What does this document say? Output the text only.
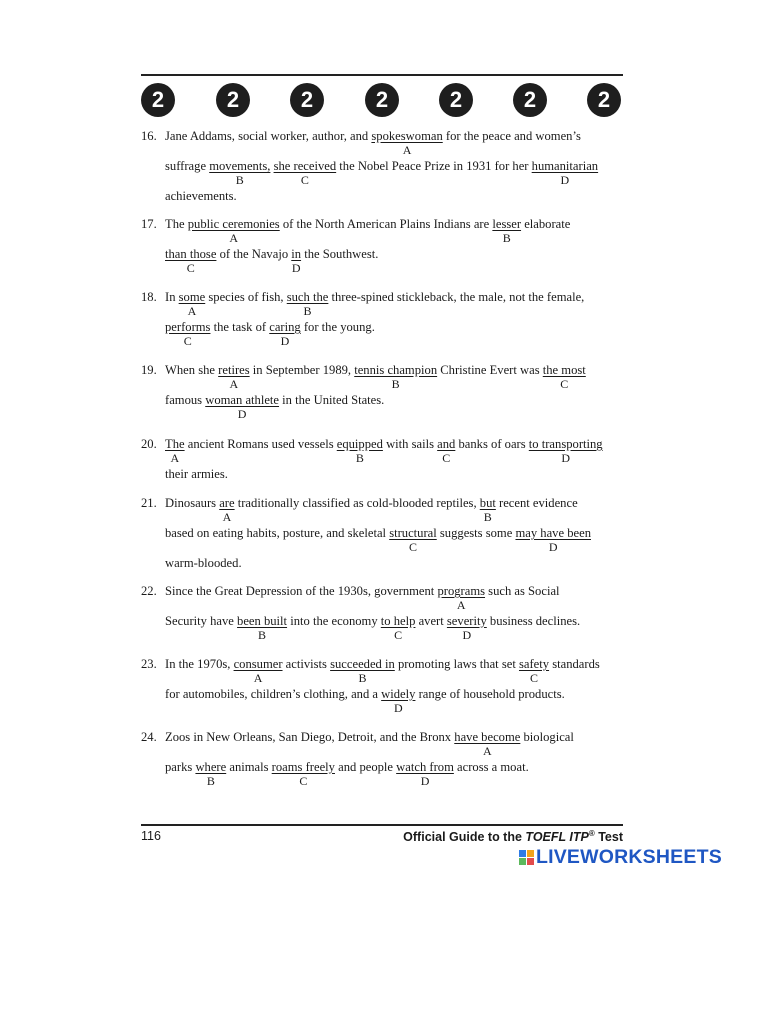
2	2	2	2	2	2	2
16. Jane Addams, social worker, author, and spokeswoman
A
for the peace and women’s
suffrage movements,
B
she received
C
the Nobel Peace Prize in 1931 for her humanitarian
D
achievements.
17. The public ceremonies
A
of the North American Plains Indians are lesser
B
elaborate
than those
C
of the Navajo in
D
the Southwest.
18. In some
A
species of fish, such the
B
three-spined stickleback, the male, not the female,
performs
C
the task of caring
D
for the young.
19. When she retires
A
in September 1989, tennis champion
B
Christine Evert was the most
C
famous woman athlete
D
in the United States.
20. The
A
ancient Romans used vessels equipped
B
with sails and
C
banks of oars to transporting
D
their armies.
21. Dinosaurs are
A
traditionally classified as cold-blooded reptiles, but
B
recent evidence
based on eating habits, posture, and skeletal structural
C
suggests some may have been
D
warm-blooded.
22. Since the Great Depression of the 1930s, government programs
A
such as Social
Security have been built
B
into the economy to help
C
avert severity
D
business declines.
23. In the 1970s, consumer
A
activists succeeded in
B
promoting laws that set safety
C
standards
for automobiles, children’s clothing, and a widely
D
range of household products.
24. Zoos in New Orleans, San Diego, Detroit, and the Bronx have become
A
biological
parks where
B
animals roams freely
C
and people watch from
D
across a moat.
116	Official Guide to the TOEFL ITP® Test
LIVEWORKSHEETS
